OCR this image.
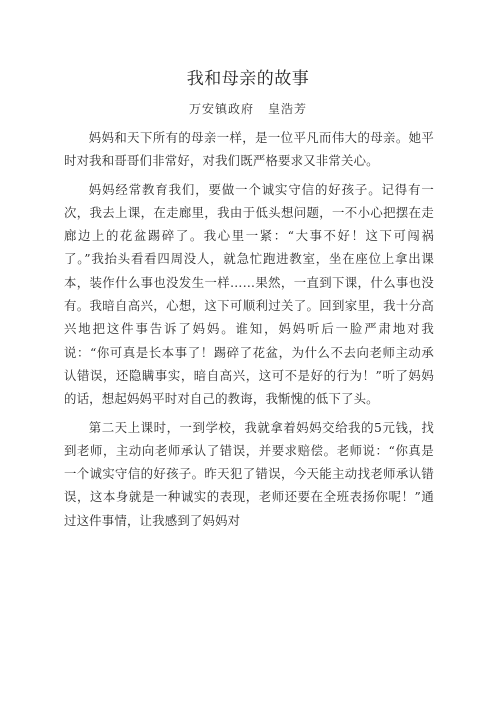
我和母亲的故事
万安镇政府 皇浩芳

妈妈和天下所有的母亲一样，是一位平凡而伟大的母亲。她平时对我和哥哥们非常好，对我们既严格要求又非常关心。

妈妈经常教育我们，要做一个诚实守信的好孩子。记得有一次，我去上课，在走廊里，我由于低头想问题，一不小心把摆在走廊边上的花盆踢碎了。我心里一紧：“大事不好！这下可闯祸了。”我抬头看看四周没人，就急忙跑进教室，坐在座位上拿出课本，装作什么事也没发生一样……果然，一直到下课，什么事也没有。我暗自高兴，心想，这下可顺利过关了。回到家里，我十分高兴地把这件事告诉了妈妈。谁知，妈妈听后一脸严肃地对我说：“你可真是长本事了！踢碎了花盆，为什么不去向老师主动承认错误，还隐瞒事实，暗自高兴，这可不是好的行为！”听了妈妈的话，想起妈妈平时对自己的教诲，我惭愧的低下了头。

第二天上课时，一到学校，我就拿着妈妈交给我的5元钱，找到老师，主动向老师承认了错误，并要求赔偿。老师说：“你真是一个诚实守信的好孩子。昨天犯了错误，今天能主动找老师承认错误，这本身就是一种诚实的表现，老师还要在全班表扬你呢！”通过这件事情，让我感到了妈妈对
